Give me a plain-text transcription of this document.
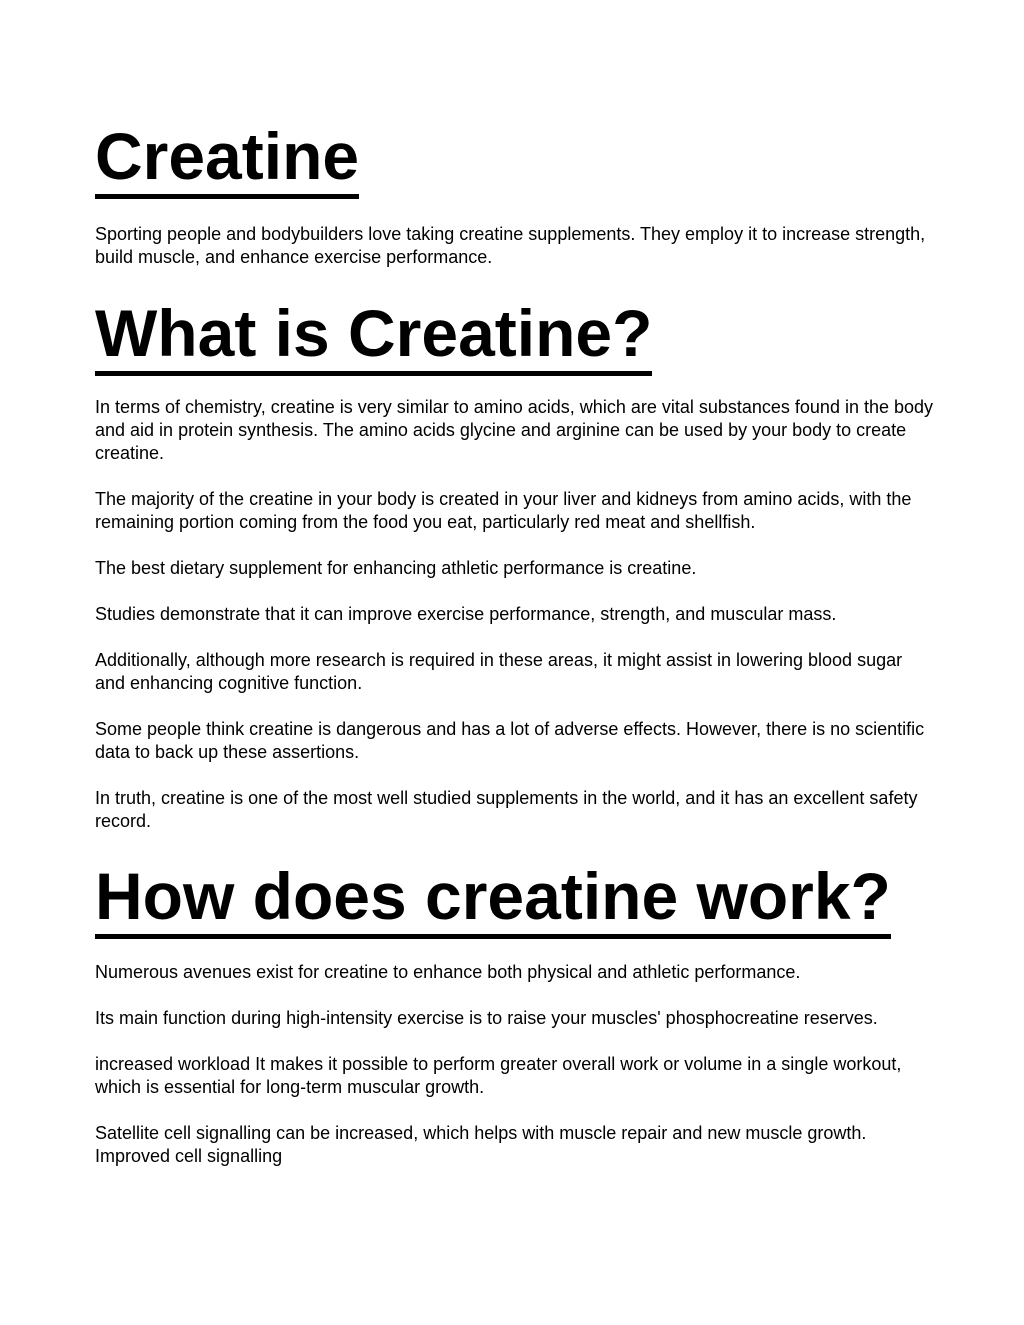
Creatine

Sporting people and bodybuilders love taking creatine supplements. They employ it to increase strength, build muscle, and enhance exercise performance.

What is Creatine?

In terms of chemistry, creatine is very similar to amino acids, which are vital substances found in the body and aid in protein synthesis. The amino acids glycine and arginine can be used by your body to create creatine.

The majority of the creatine in your body is created in your liver and kidneys from amino acids, with the remaining portion coming from the food you eat, particularly red meat and shellfish.

The best dietary supplement for enhancing athletic performance is creatine.

Studies demonstrate that it can improve exercise performance, strength, and muscular mass.

Additionally, although more research is required in these areas, it might assist in lowering blood sugar and enhancing cognitive function.

Some people think creatine is dangerous and has a lot of adverse effects. However, there is no scientific data to back up these assertions.

In truth, creatine is one of the most well studied supplements in the world, and it has an excellent safety record.

How does creatine work?

Numerous avenues exist for creatine to enhance both physical and athletic performance.

Its main function during high-intensity exercise is to raise your muscles' phosphocreatine reserves.

increased workload It makes it possible to perform greater overall work or volume in a single workout, which is essential for long-term muscular growth.

Satellite cell signalling can be increased, which helps with muscle repair and new muscle growth. Improved cell signalling
